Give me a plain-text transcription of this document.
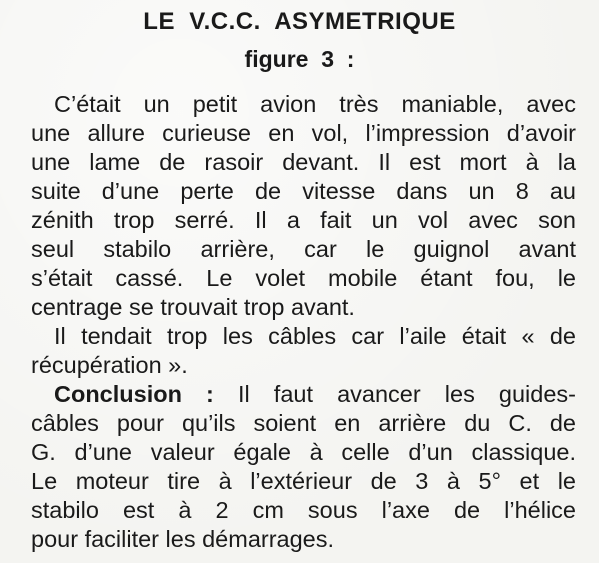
LE  V.C.C.  ASYMETRIQUE
figure  3  :
C’était un petit avion très maniable, avec
une allure curieuse en vol, l’impression d’avoir
une lame de rasoir devant. Il est mort à la
suite d’une perte de vitesse dans un 8 au
zénith trop serré. Il a fait un vol avec son
seul stabilo arrière, car le guignol avant
s’était cassé. Le volet mobile étant fou, le
centrage se trouvait trop avant.
Il tendait trop les câbles car l’aile était « de
récupération ».
Conclusion : Il faut avancer les guides-
câbles pour qu’ils soient en arrière du C. de
G. d’une valeur égale à celle d’un classique.
Le moteur tire à l’extérieur de 3 à 5° et le
stabilo est à 2 cm sous l’axe de l’hélice
pour faciliter les démarrages.
